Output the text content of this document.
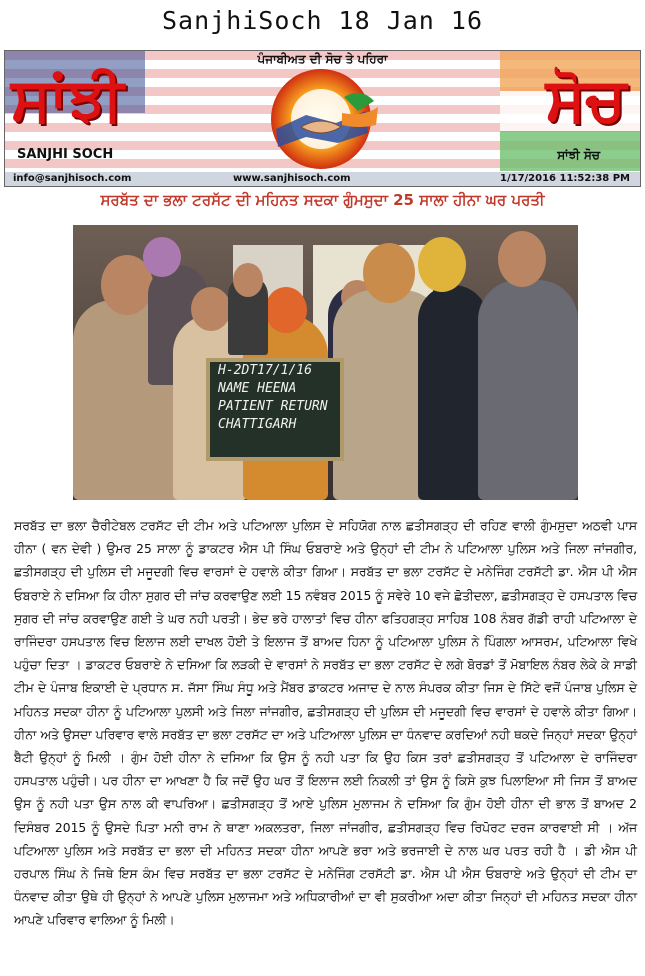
SanjhiSoch 18 Jan 16
ਪੰਜਾਬੀਅਤ ਦੀ ਸੋਚ ਤੇ ਪਹਿਰਾ
ਸਾਂਝੀ	ਸੋਚ
SANJHI SOCH	ਸਾਂਝੀ ਸੋਚ
info@sanjhisoch.com	www.sanjhisoch.com	1/17/2016 11:52:38 PM
ਸਰਬੱਤ ਦਾ ਭਲਾ ਟਰਸੱਟ ਦੀ ਮਹਿਨਤ ਸਦਕਾ ਗੁੰਮਸੁਦਾ 25 ਸਾਲਾ ਹੀਨਾ ਘਰ ਪਰਤੀ
H-2DT17/1/16
NAME HEENA
PATIENT RETURN
CHATTIGARH
ਸਰਬੱਤ ਦਾ ਭਲਾ ਚੈਰੀਟੇਬਲ ਟਰਸੱਟ ਦੀ ਟੀਮ ਅਤੇ ਪਟਿਆਲਾ ਪੁਲਿਸ ਦੇ ਸਹਿਯੋਗ ਨਾਲ ਛਤੀਸਗੜ੍ਹ ਦੀ ਰਹਿਣ ਵਾਲੀ ਗੁੰਮਸੁਦਾ ਅਠਵੀ ਪਾਸ ਹੀਨਾ ( ਵਨ ਦੇਵੀ ) ਉਮਰ 25 ਸਾਲਾ ਨੂੰ ਡਾਕਟਰ ਐਸ ਪੀ ਸਿੰਘ ਓਬਰਾਏ ਅਤੇ ਉਨ੍ਹਾਂ ਦੀ ਟੀਮ ਨੇ ਪਟਿਆਲਾ ਪੁਲਿਸ ਅਤੇ ਜਿਲਾ ਜਾਂਜਗੀਰ, ਛਤੀਸਗੜ੍ਹ ਦੀ ਪੁਲਿਸ ਦੀ ਮਜੂਦਗੀ ਵਿਚ ਵਾਰਸਾਂ ਦੇ ਹਵਾਲੇ ਕੀਤਾ ਗਿਆ। ਸਰਬੱਤ ਦਾ ਭਲਾ ਟਰਸੱਟ ਦੇ ਮਨੇਜਿੰਗ ਟਰਸੱਟੀ ਡਾ. ਐਸ ਪੀ ਐਸ ਓਬਰਾਏ ਨੇ ਦਸਿਆ ਕਿ ਹੀਨਾ ਸੁਗਰ ਦੀ ਜਾਂਚ ਕਰਵਾਉਣ ਲਈ 15 ਨਵੰਬਰ 2015 ਨੂੰ ਸਵੇਰੇ 10 ਵਜੇ ਛੋਤੀਦਲਾ, ਛਤੀਸਗੜ੍ਹ ਦੇ ਹਸਪਤਾਲ ਵਿਚ ਸੁਗਰ ਦੀ ਜਾਂਚ ਕਰਵਾਉਣ ਗਈ ਤੇ ਘਰ ਨਹੀ ਪਰਤੀ। ਭੇਦ ਭਰੇ ਹਾਲਾਤਾਂ ਵਿਚ ਹੀਨਾ ਫਤਿਹਗੜ੍ਹ ਸਾਹਿਬ 108 ਨੰਬਰ ਗੱਡੀ ਰਾਹੀ ਪਟਿਆਲਾ ਦੇ ਰਾਜਿੰਦਰਾ ਹਸਪਤਾਲ ਵਿਚ ਇਲਾਜ ਲਈ ਦਾਖਲ ਹੋਈ ਤੇ ਇਲਾਜ ਤੋਂ ਬਾਅਦ ਹਿਨਾ ਨੂੰ ਪਟਿਆਲਾ ਪੁਲਿਸ ਨੇ ਪਿੰਗਲਾ ਆਸਰਮ, ਪਟਿਆਲਾ ਵਿਖੇ ਪਹੁੰਚਾ ਦਿਤਾ । ਡਾਕਟਰ ਓਬਰਾਏ ਨੇ ਦਸਿਆ ਕਿ ਲੜਕੀ ਦੇ ਵਾਰਸਾਂ ਨੇ ਸਰਬੱਤ ਦਾ ਭਲਾ ਟਰਸੱਟ ਦੇ ਲਗੇ ਬੋਰਡਾਂ ਤੋਂ ਮੋਬਾਇਲ ਨੰਬਰ ਲੇਕੇ ਕੇ ਸਾਡੀ ਟੀਮ ਦੇ ਪੰਜਾਬ ਇਕਾਈ ਦੇ ਪ੍ਰਧਾਨ ਸ. ਜੱਸਾ ਸਿੰਘ ਸੰਧੂ ਅਤੇ ਮੈਂਬਰ ਡਾਕਟਰ ਅਜਾਦ ਦੇ ਨਾਲ ਸੰਪਰਕ ਕੀਤਾ ਜਿਸ ਦੇ ਸਿੱਟੇ ਵਜੋਂ ਪੰਜਾਬ ਪੁਲਿਸ ਦੇ ਮਹਿਨਤ ਸਦਕਾ ਹੀਨਾ ਨੂੰ ਪਟਿਆਲਾ ਪੁਲਸੀ ਅਤੇ ਜਿਲਾ ਜਾਂਜਗੀਰ, ਛਤੀਸਗੜ੍ਹ ਦੀ ਪੁਲਿਸ ਦੀ ਮਜੂਦਗੀ ਵਿਚ ਵਾਰਸਾਂ ਦੇ ਹਵਾਲੇ ਕੀਤਾ ਗਿਆ। ਹੀਨਾ ਅਤੇ ਉਸਦਾ ਪਰਿਵਾਰ ਵਾਲੇ ਸਰਬੱਤ ਦਾ ਭਲਾ ਟਰਸੱਟ ਦਾ ਅਤੇ ਪਟਿਆਲਾ ਪੁਲਿਸ ਦਾ ਧੰਨਵਾਦ ਕਰਦਿਆਂ ਨਹੀ ਥਕਦੇ ਜਿਨ੍ਹਾਂ ਸਦਕਾ ਉਨ੍ਹਾਂ ਬੈਟੀ ਉਨ੍ਹਾਂ ਨੂੰ ਮਿਲੀ । ਗੁੰਮ ਹੋਈ ਹੀਨਾ ਨੇ ਦਸਿਆ ਕਿ ਉਸ ਨੂੰ ਨਹੀ ਪਤਾ ਕਿ ਉਹ ਕਿਸ ਤਰਾਂ ਛਤੀਸਗੜ੍ਹ ਤੋਂ ਪਟਿਆਲਾ ਦੇ ਰਾਜਿੰਦਰਾ ਹਸਪਤਾਲ ਪਹੁੰਚੀ। ਪਰ ਹੀਨਾ ਦਾ ਆਖਣਾ ਹੈ ਕਿ ਜਦੋਂ ਉਹ ਘਰ ਤੋਂ ਇਲਾਜ ਲਈ ਨਿਕਲੀ ਤਾਂ ਉਸ ਨੂੰ ਕਿਸੇ ਕੁਝ ਪਿਲਾਇਆ ਸੀ ਜਿਸ ਤੋਂ ਬਾਅਦ ਉਸ ਨੂੰ ਨਹੀ ਪਤਾ ਉਸ ਨਾਲ ਕੀ ਵਾਪਰਿਆ। ਛਤੀਸਗੜ੍ਹ ਤੋਂ ਆਏ ਪੁਲਿਸ ਮੁਲਾਜਮ ਨੇ ਦਸਿਆ ਕਿ ਗੁੰਮ ਹੋਈ ਹੀਨਾ ਦੀ ਭਾਲ ਤੋਂ ਬਾਅਦ 2 ਦਿਸੰਬਰ 2015 ਨੂੰ ਉਸਦੇ ਪਿਤਾ ਮਨੀ ਰਾਮ ਨੇ ਥਾਣਾ ਅਕਲਤਰਾ, ਜਿਲਾ ਜਾਂਜਗੀਰ, ਛਤੀਸਗੜ੍ਹ ਵਿਚ ਰਿਪੋਰਟ ਦਰਜ ਕਾਰਵਾਈ ਸੀ । ਅੱਜ ਪਟਿਆਲਾ ਪੁਲਿਸ ਅਤੇ ਸਰਬੱਤ ਦਾ ਭਲਾ ਦੀ ਮਹਿਨਤ ਸਦਕਾ ਹੀਨਾ ਆਪਣੇ ਭਰਾ ਅਤੇ ਭਰਜਾਈ ਦੇ ਨਾਲ ਘਰ ਪਰਤ ਰਹੀ ਹੈ । ਡੀ ਐਸ ਪੀ ਹਰਪਾਲ ਸਿੰਘ ਨੇ ਜਿਥੇ ਇਸ ਕੰਮ ਵਿਚ ਸਰਬੱਤ ਦਾ ਭਲਾ ਟਰਸੱਟ ਦੇ ਮਨੇਜਿੰਗ ਟਰਸੱਟੀ ਡਾ. ਐਸ ਪੀ ਐਸ ਓਬਰਾਏ ਅਤੇ ਉਨ੍ਹਾਂ ਦੀ ਟੀਮ ਦਾ ਧੰਨਵਾਦ ਕੀਤਾ ਉਥੇ ਹੀ ਉਨ੍ਹਾਂ ਨੇ ਆਪਣੇ ਪੁਲਿਸ ਮੁਲਾਜਮਾ ਅਤੇ ਅਧਿਕਾਰੀਆਂ ਦਾ ਵੀ ਸੁਕਰੀਆ ਅਦਾ ਕੀਤਾ ਜਿਨ੍ਹਾਂ ਦੀ ਮਹਿਨਤ ਸਦਕਾ ਹੀਨਾ ਆਪਣੇ ਪਰਿਵਾਰ ਵਾਲਿਆ ਨੂੰ ਮਿਲੀ।
